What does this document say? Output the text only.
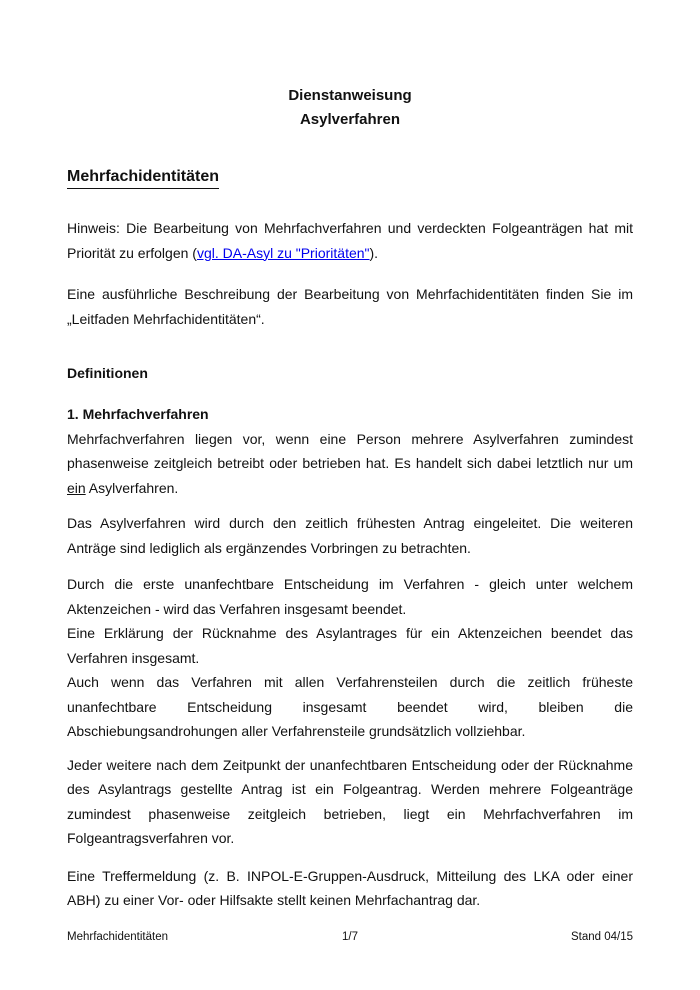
Dienstanweisung
Asylverfahren
Mehrfachidentitäten

Hinweis: Die Bearbeitung von Mehrfachverfahren und verdeckten Folgeanträgen hat mit Priorität zu erfolgen (vgl. DA-Asyl zu "Prioritäten").

Eine ausführliche Beschreibung der Bearbeitung von Mehrfachidentitäten finden Sie im „Leitfaden Mehrfachidentitäten“.

Definitionen
1. Mehrfachverfahren

Mehrfachverfahren liegen vor, wenn eine Person mehrere Asylverfahren zumindest phasenweise zeitgleich betreibt oder betrieben hat. Es handelt sich dabei letztlich nur um ein Asylverfahren.

Das Asylverfahren wird durch den zeitlich frühesten Antrag eingeleitet. Die weiteren Anträge sind lediglich als ergänzendes Vorbringen zu betrachten.

Durch die erste unanfechtbare Entscheidung im Verfahren - gleich unter welchem Aktenzeichen - wird das Verfahren insgesamt beendet.

Eine Erklärung der Rücknahme des Asylantrages für ein Aktenzeichen beendet das Verfahren insgesamt.

Auch wenn das Verfahren mit allen Verfahrensteilen durch die zeitlich früheste unanfechtbare Entscheidung insgesamt beendet wird, bleiben die Abschiebungsandrohungen aller Verfahrensteile grundsätzlich vollziehbar.

Jeder weitere nach dem Zeitpunkt der unanfechtbaren Entscheidung oder der Rücknahme des Asylantrags gestellte Antrag ist ein Folgeantrag. Werden mehrere Folgeanträge zumindest phasenweise zeitgleich betrieben, liegt ein Mehrfachverfahren im Folgeantragsverfahren vor.

Eine Treffermeldung (z. B. INPOL-E-Gruppen-Ausdruck, Mitteilung des LKA oder einer ABH) zu einer Vor- oder Hilfsakte stellt keinen Mehrfachantrag dar.

Mehrfachidentitäten	1/7	Stand 04/15
